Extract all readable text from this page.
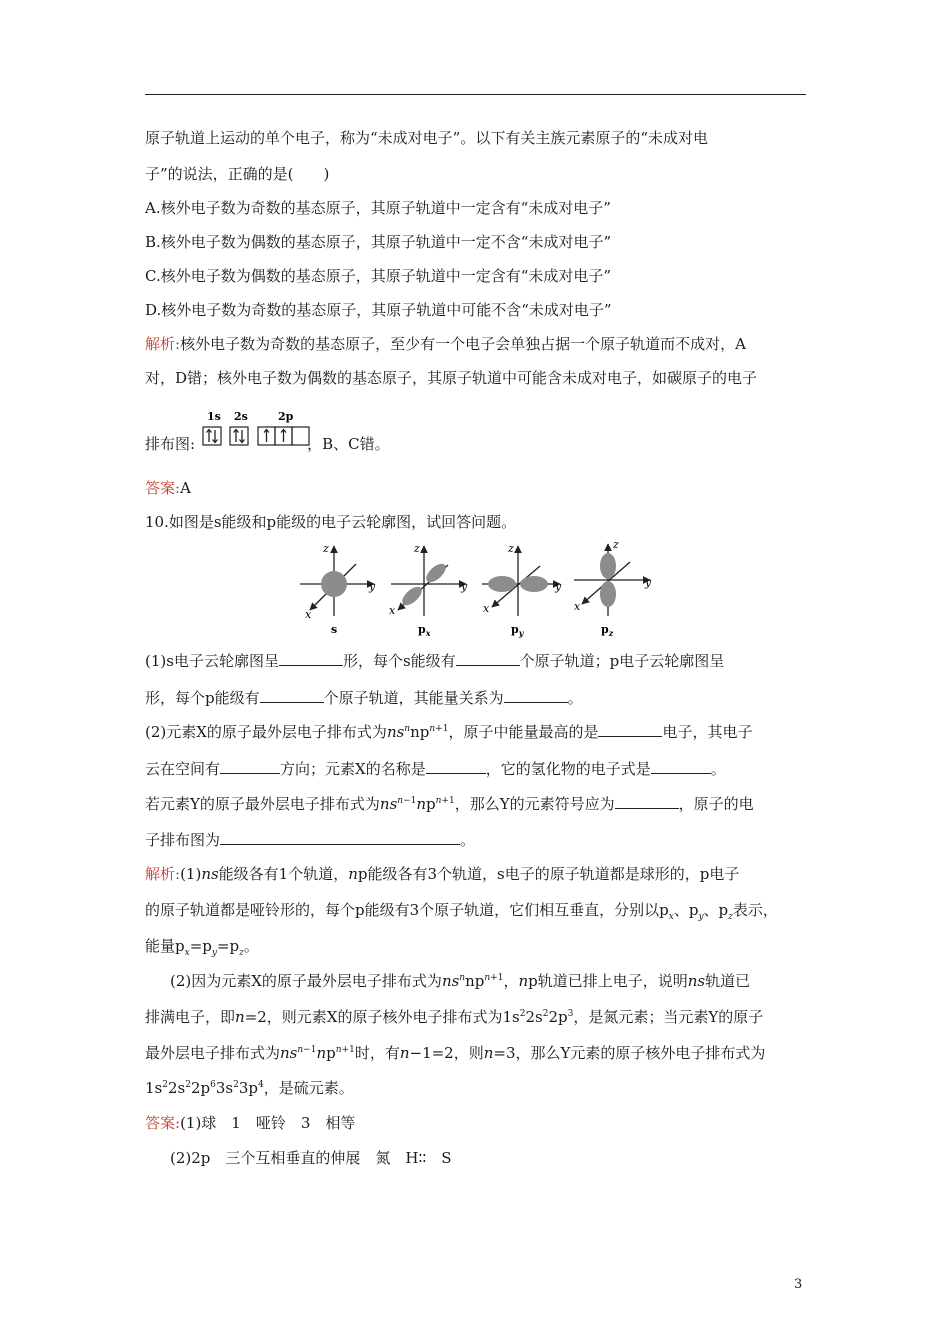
原子轨道上运动的单个电子，称为“未成对电子”。以下有关主族元素原子的“未成对电
子”的说法，正确的是(　　)
A.核外电子数为奇数的基态原子，其原子轨道中一定含有“未成对电子”
B.核外电子数为偶数的基态原子，其原子轨道中一定不含“未成对电子”
C.核外电子数为偶数的基态原子，其原子轨道中一定含有“未成对电子”
D.核外电子数为奇数的基态原子，其原子轨道中可能不含“未成对电子”
解析:核外电子数为奇数的基态原子，至少有一个电子会单独占据一个原子轨道而不成对，A
对，D错；核外电子数为偶数的基态原子，其原子轨道中可能含未成对电子，如碳原子的电子
排布图:	，B、C错。
1s 2s	2p
答案:A
10.如图是s能级和p能级的电子云轮廓图，试回答问题。
z
y
x
s
z
y
x
$p_x$
z
y
x
$p_y$
z
y
x
$p_z$
(1)s电子云轮廓图呈	形，每个s能级有	个原子轨道；p电子云轮廓图呈
形，每个p能级有	个原子轨道，其能量关系为	。
(2)元素X的原子最外层电子排布式为$ns^nnp^{n+1}$，原子中能量最高的是	电子，其电子
云在空间有	方向；元素X的名称是	，它的氢化物的电子式是	。
若元素Y的原子最外层电子排布式为$ns^{n-1}np^{n+1}$，那么Y的元素符号应为	，原子的电
子排布图为	。
解析:(1)ns能级各有1个轨道，np能级各有3个轨道，s电子的原子轨道都是球形的，p电子
的原子轨道都是哑铃形的，每个p能级有3个原子轨道，它们相互垂直，分别以$p_x$、$p_y$、$p_z$表示，
能量$p_x=p_y=p_z$。
(2)因为元素X的原子最外层电子排布式为$ns^nnp^{n+1}$，np轨道已排上电子，说明ns轨道已
排满电子，即n=2，则元素X的原子核外电子排布式为$1s^22s^22p^3$，是氮元素；当元素Y的原子
最外层电子排布式为$ns^{n-1}np^{n+1}$时，有n−1=2，则n=3，那么Y元素的原子核外电子排布式为
$1s^22s^22p^63s^23p^4$，是硫元素。
答案:(1)球　1　哑铃　3　相等
(2)2p　三个互相垂直的伸展　氮　H∶∶　S
3
